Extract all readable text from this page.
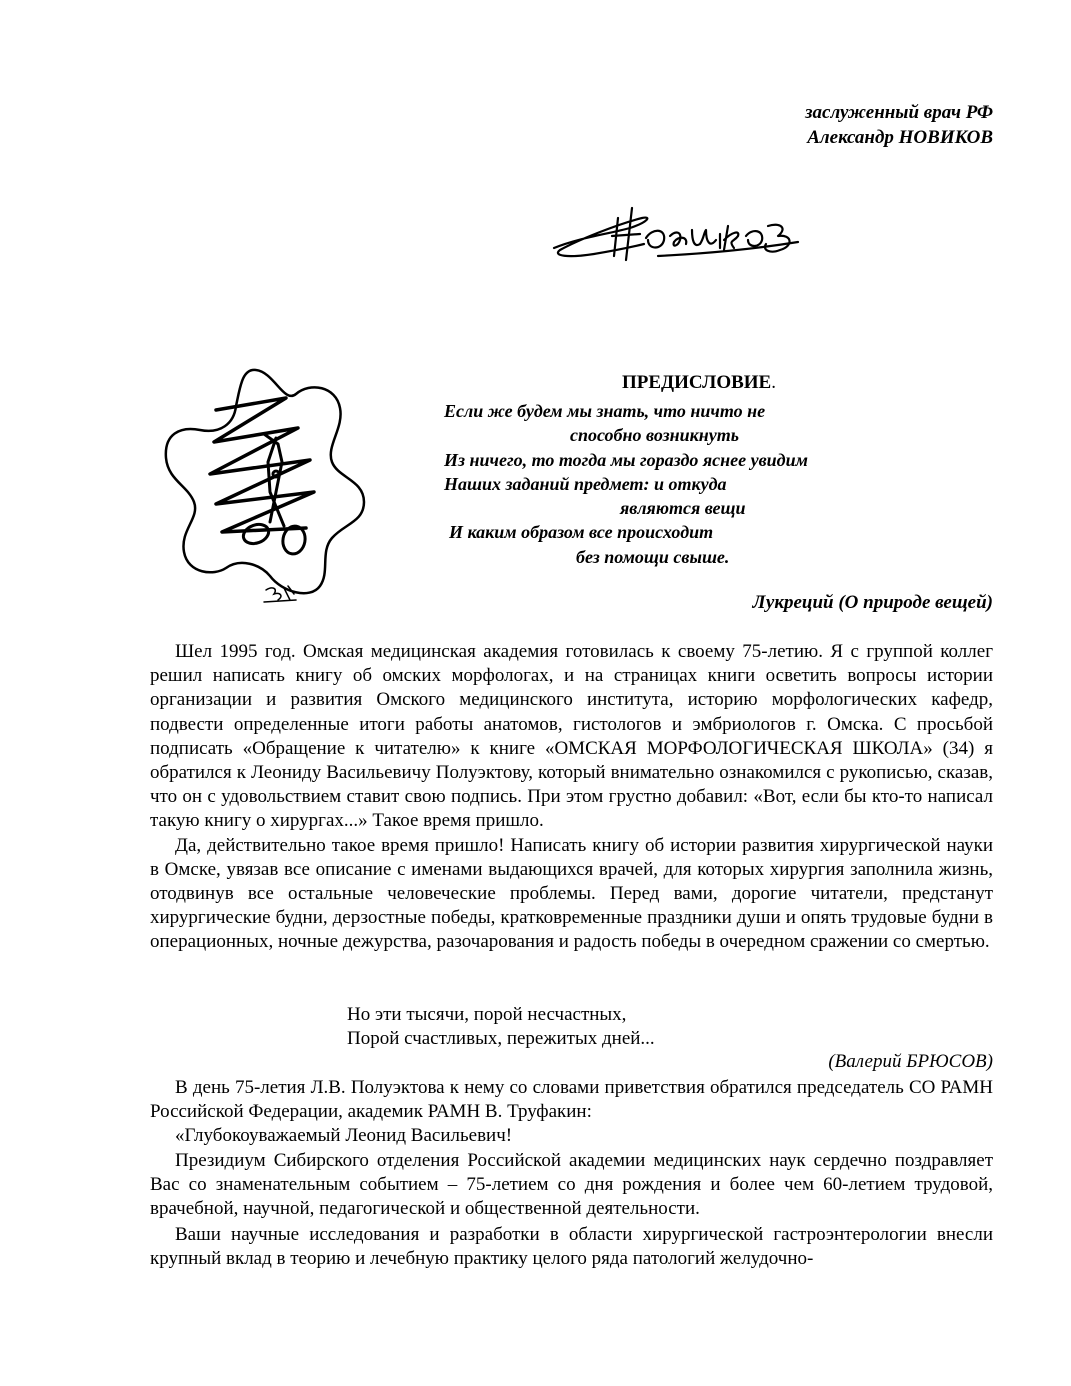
заслуженный врач РФ
Александр НОВИКОВ
ПРЕДИСЛОВИЕ.
Если же будем мы знать, что ничто не
способно возникнуть
Из ничего, то тогда мы гораздо яснее увидим
Наших заданий предмет: и откуда
являются вещи
И каким образом все происходит
без помощи свыше.
Лукреций (О природе вещей)

Шел 1995 год. Омская медицинская академия готовилась к своему 75-летию. Я с группой коллег решил написать книгу об омских морфологах, и на страницах книги осветить вопросы истории организации и развития Омского медицинского института, историю морфологических кафедр, подвести определенные итоги работы анатомов, гистологов и эмбриологов г. Омска. С просьбой подписать «Обращение к читателю» к книге «ОМСКАЯ МОРФОЛОГИЧЕСКАЯ ШКОЛА» (34) я обратился к Леониду Васильевичу Полуэктову, который внимательно ознакомился с рукописью, сказав, что он с удовольствием ставит свою подпись. При этом грустно добавил: «Вот, если бы кто-то написал такую книгу о хирургах...» Такое время пришло.

Да, действительно такое время пришло! Написать книгу об истории развития хирургической науки в Омске, увязав все описание с именами выдающихся врачей, для которых хирургия заполнила жизнь, отодвинув все остальные человеческие проблемы. Перед вами, дорогие читатели, предстанут хирургические будни, дерзостные победы, кратковременные праздники души и опять трудовые будни в операционных, ночные дежурства, разочарования и радость победы в очередном сражении со смертью.

Но эти тысячи, порой несчастных,
Порой счастливых, пережитых дней...
(Валерий БРЮСОВ)

В день 75-летия Л.В. Полуэктова к нему со словами приветствия обратился председатель СО РАМН Российской Федерации, академик РАМН В. Труфакин:

«Глубокоуважаемый Леонид Васильевич!

Президиум Сибирского отделения Российской академии медицинских наук сердечно поздравляет Вас со знаменательным событием – 75-летием со дня рождения и более чем 60-летием трудовой, врачебной, научной, педагогической и общественной деятельности.

Ваши научные исследования и разработки в области хирургической гастроэнтерологии внесли крупный вклад в теорию и лечебную практику целого ряда патологий желудочно-
